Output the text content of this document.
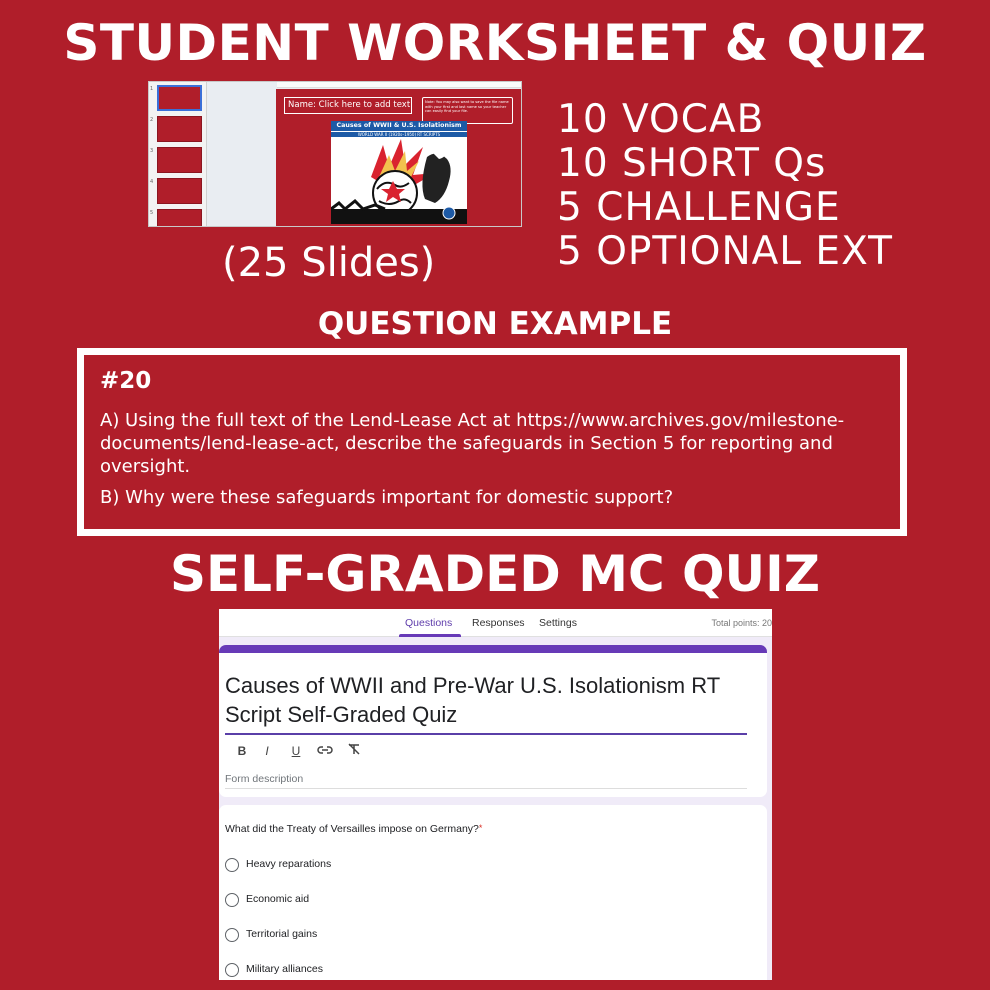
STUDENT WORKSHEET & QUIZ
1
2
3
4
5
Name: Click here to add text	Note: You may also want to save the file name with your first and last name so your teacher can easily find your file.
Causes of WWII & U.S. Isolationism
WORLD WAR II (1920s–1950) RT SCRIPTS
(25 Slides)
10 VOCAB
10 SHORT Qs
5 CHALLENGE
5 OPTIONAL EXT
QUESTION EXAMPLE
#20
A) Using the full text of the Lend-Lease Act at https://www.archives.gov/milestone-documents/lend-lease-act, describe the safeguards in Section 5 for reporting and oversight.
B) Why were these safeguards important for domestic support?
SELF-GRADED MC QUIZ
Questions Responses Settings	Total points: 20
Causes of WWII and Pre-War U.S. Isolationism RT Script Self-Graded Quiz
B	I	U
Form description
What did the Treaty of Versailles impose on Germany?*
Heavy reparations
Economic aid
Territorial gains
Military alliances
